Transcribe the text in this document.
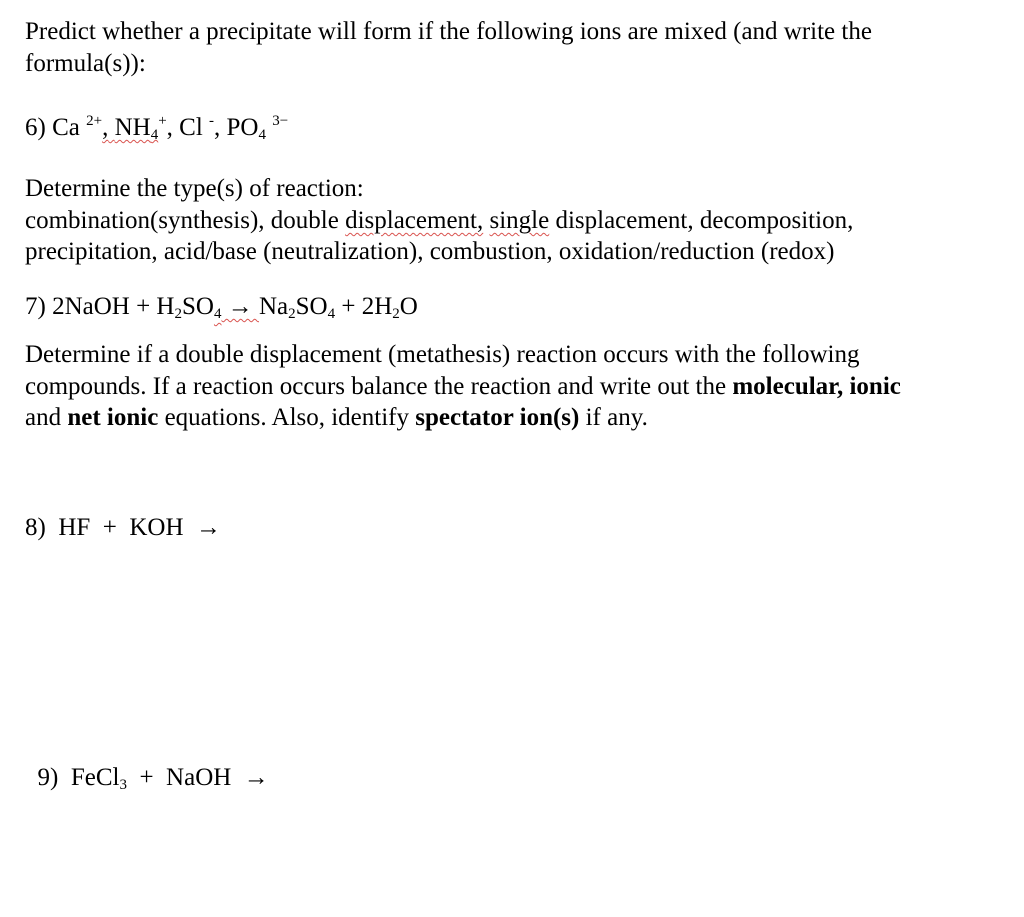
Predict whether a precipitate will form if the following ions are mixed (and write the
formula(s)):
6) Ca $^{2+}$, NH4+, Cl -, PO4 $^{3-}$
Determine the type(s) of reaction:
combination(synthesis), double displacement, single displacement, decomposition,
precipitation, acid/base (neutralization), combustion, oxidation/reduction (redox)
7) 2NaOH + H2SO4 → Na2SO4 + 2H2O
Determine if a double displacement (metathesis) reaction occurs with the following
compounds. If a reaction occurs balance the reaction and write out the molecular, ionic
and net ionic equations. Also, identify spectator ion(s) if any.
8)  HF  +  KOH  →

9)  FeCl3  +  NaOH  →
